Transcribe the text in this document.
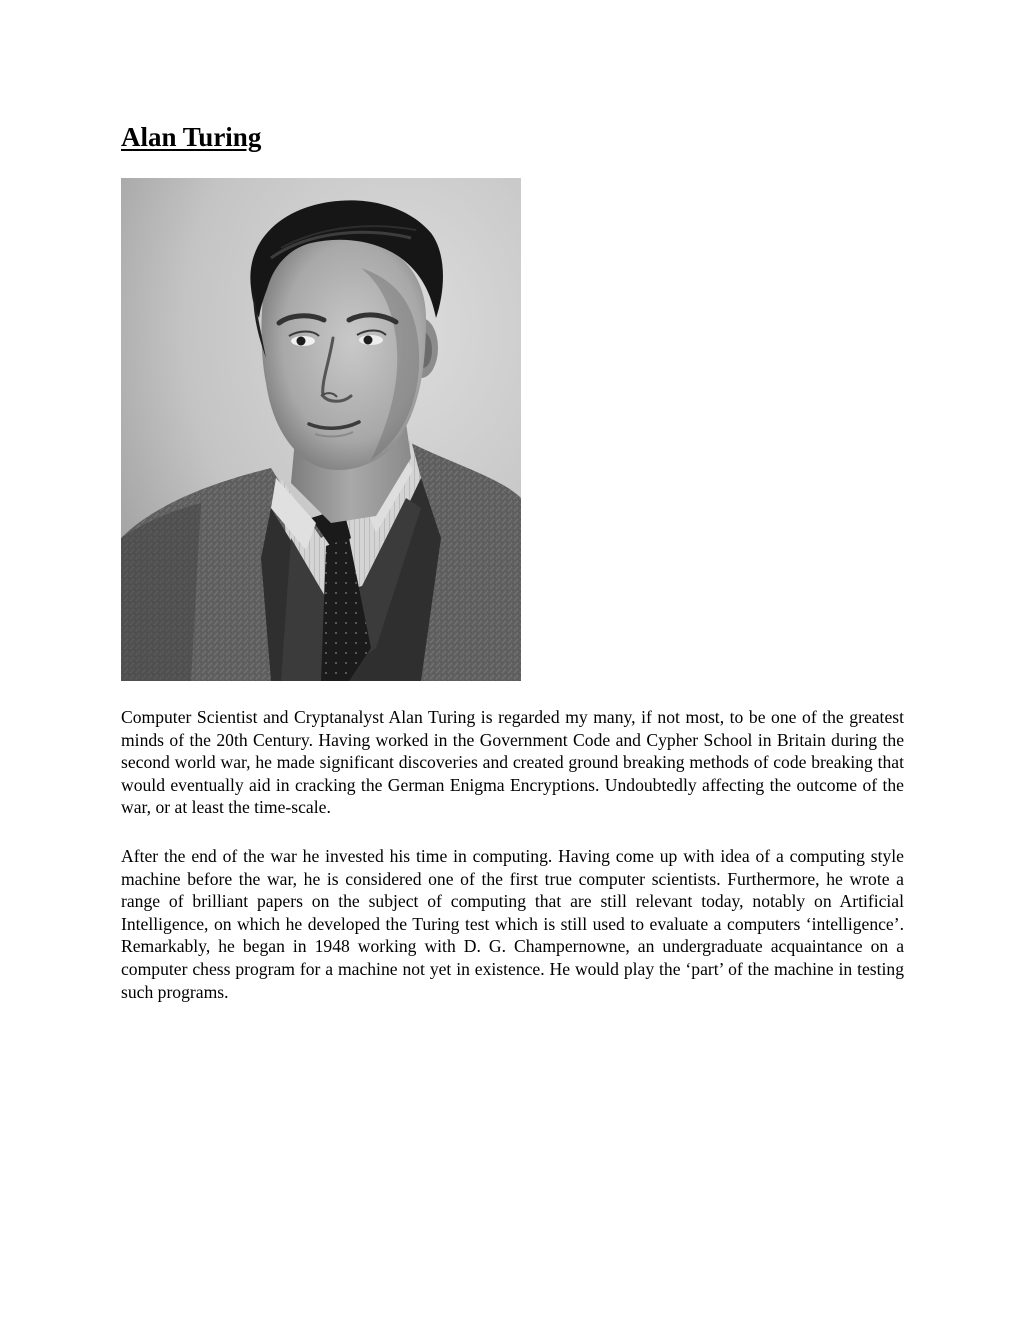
Alan Turing

Computer Scientist and Cryptanalyst Alan Turing is regarded my many, if not most, to be one of the greatest minds of the 20th Century. Having worked in the Government Code and Cypher School in Britain during the second world war, he made significant discoveries and created ground breaking methods of code breaking that would eventually aid in cracking the German Enigma Encryptions. Undoubtedly affecting the outcome of the war, or at least the time-scale.

After the end of the war he invested his time in computing. Having come up with idea of a computing style machine before the war, he is considered one of the first true computer scientists. Furthermore, he wrote a range of brilliant papers on the subject of computing that are still relevant today, notably on Artificial Intelligence, on which he developed the Turing test which is still used to evaluate a computers ‘intelligence’. Remarkably, he began in 1948 working with D. G. Champernowne, an undergraduate acquaintance on a computer chess program for a machine not yet in existence. He would play the ‘part’ of the machine in testing such programs.
